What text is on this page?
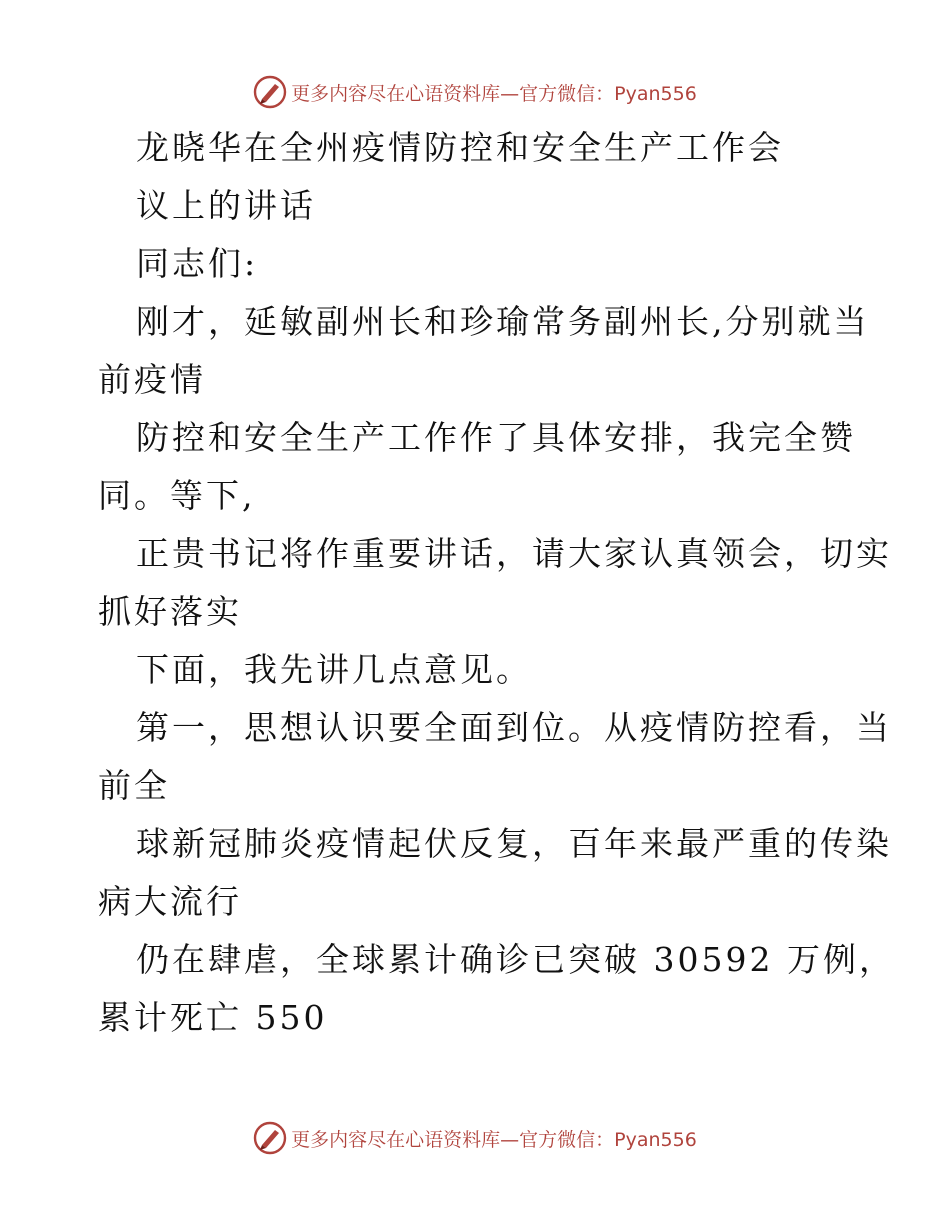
更多内容尽在心语资料库—官方微信：Pyan556
龙晓华在全州疫情防控和安全生产工作会
议上的讲话
同志们:
刚才，延敏副州长和珍瑜常务副州长,分别就当
前疫情
防控和安全生产工作作了具体安排，我完全赞
同。等下,
正贵书记将作重要讲话，请大家认真领会，切实
抓好落实
下面，我先讲几点意见。
第一，思想认识要全面到位。从疫情防控看，当
前全
球新冠肺炎疫情起伏反复，百年来最严重的传染
病大流行
仍在肆虐，全球累计确诊已突破 30592 万例，
累计死亡 550
更多内容尽在心语资料库—官方微信：Pyan556
